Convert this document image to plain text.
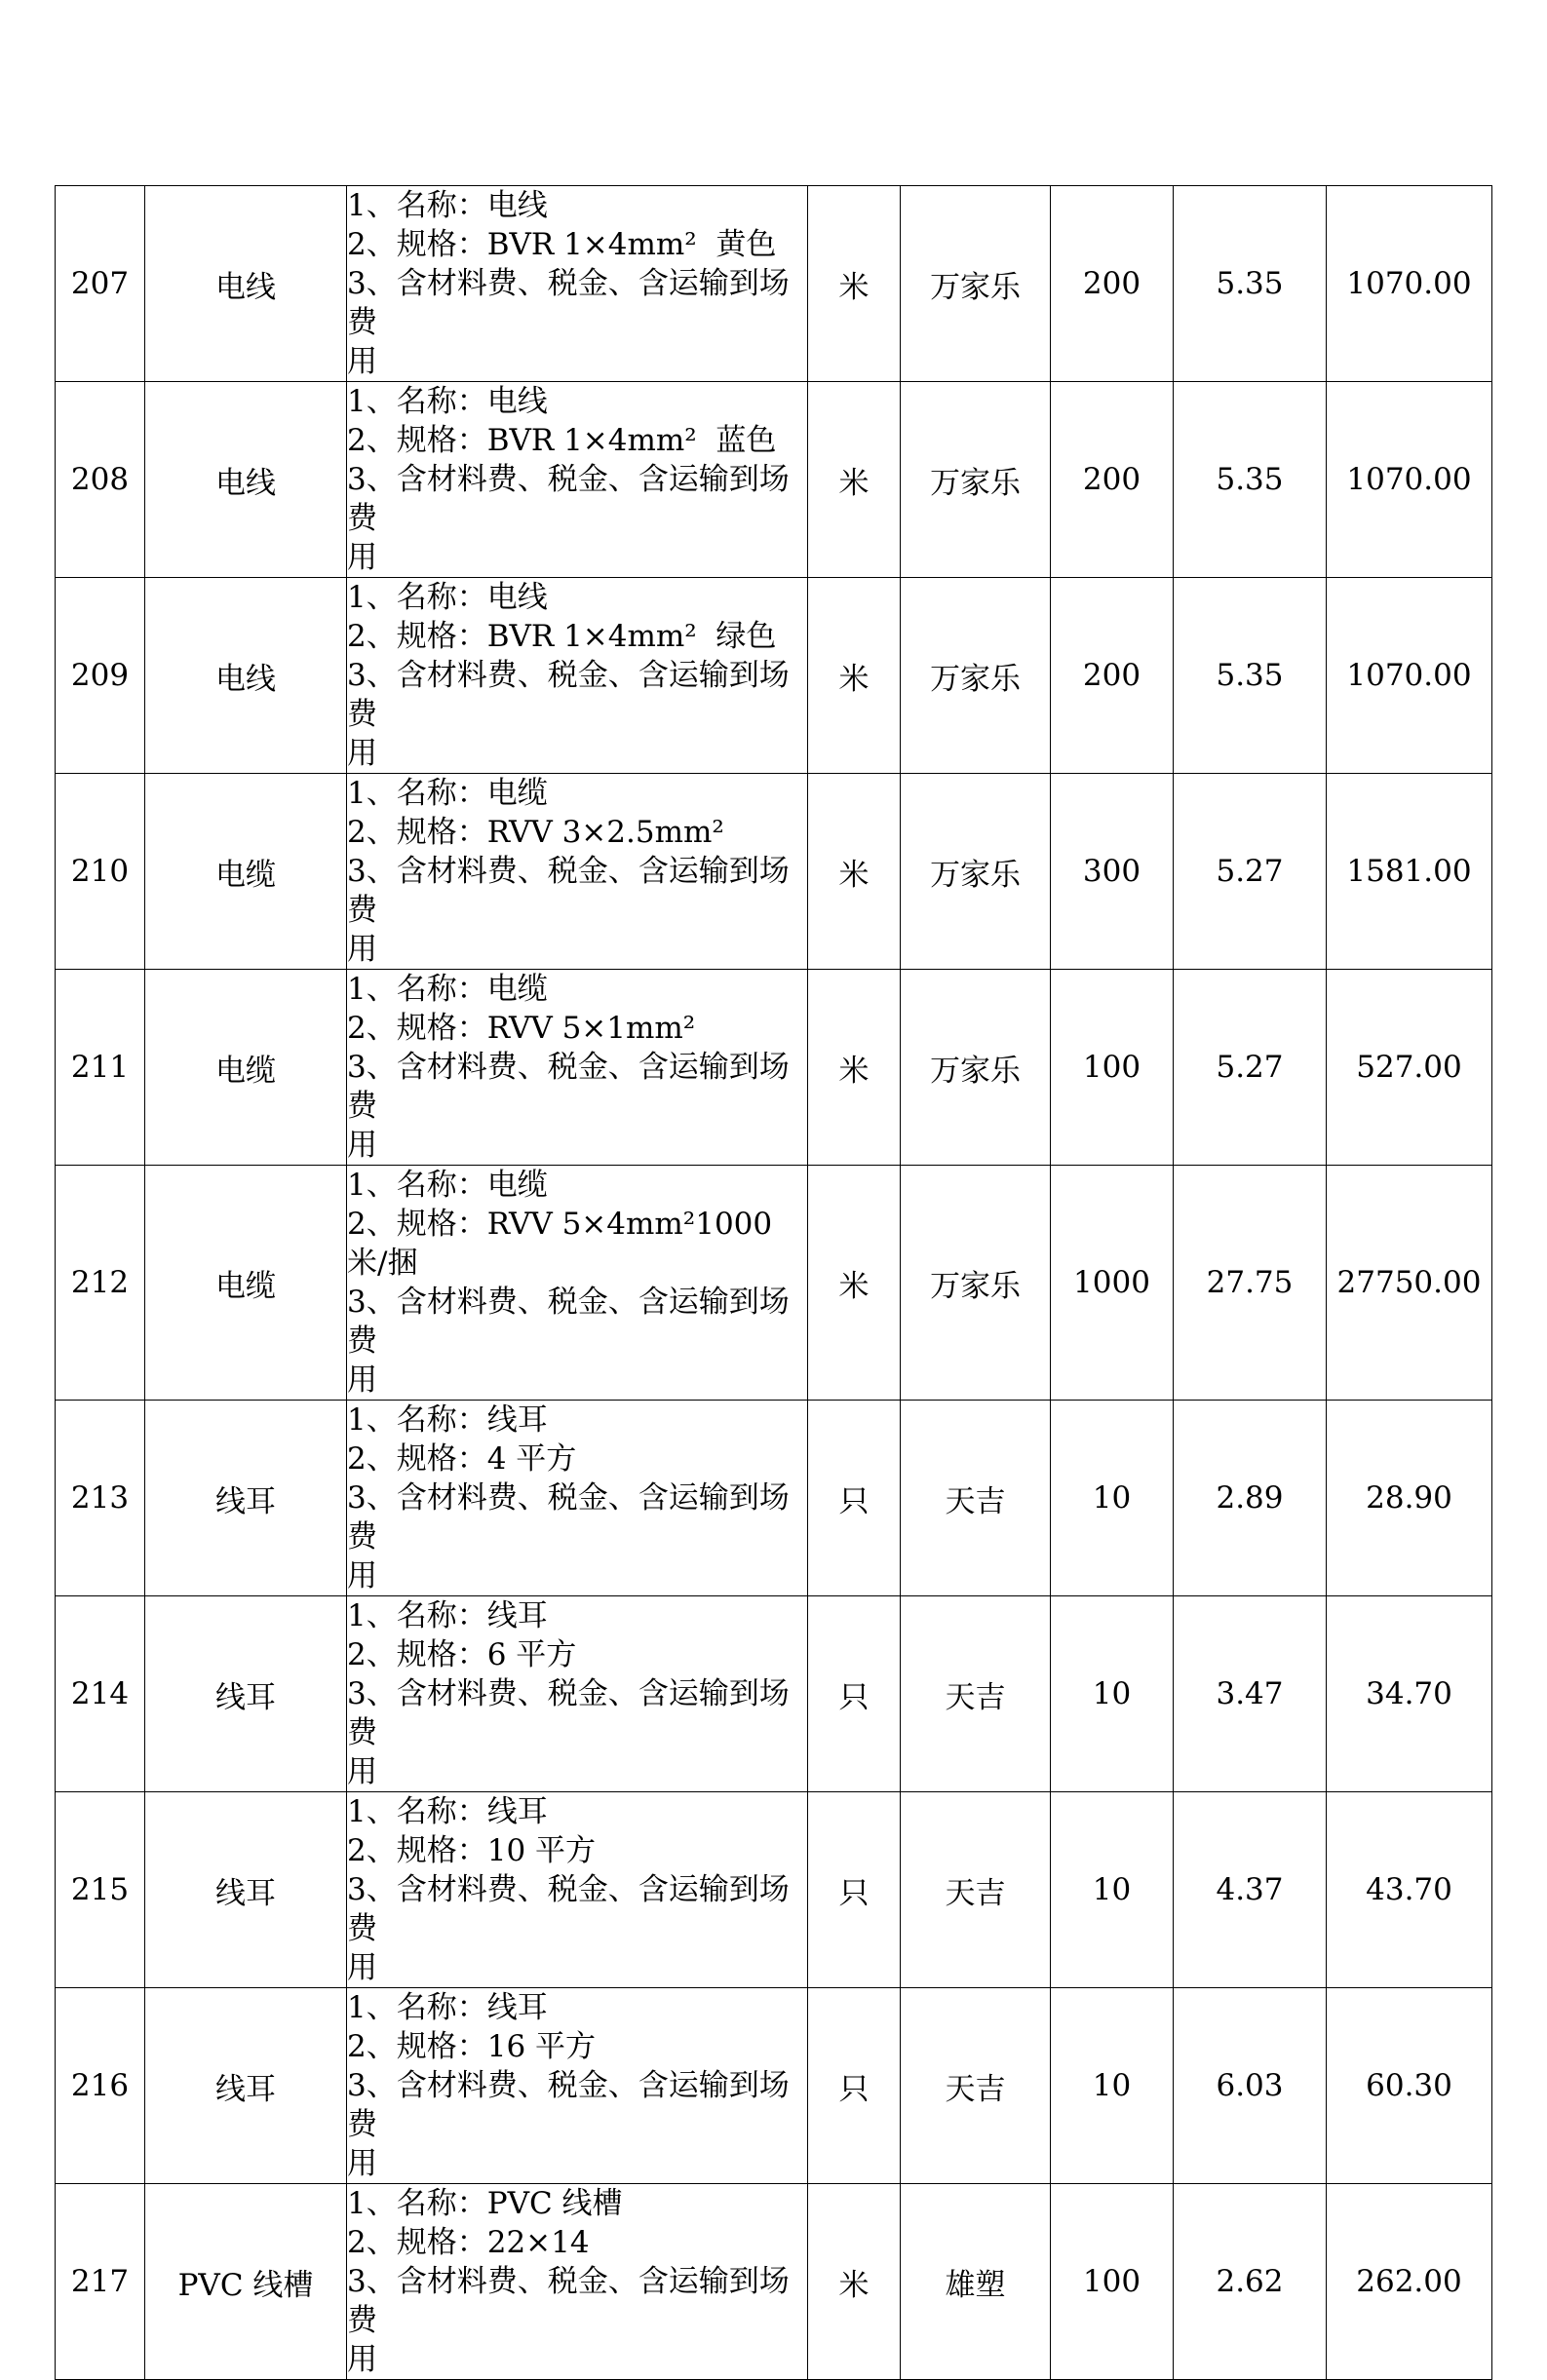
207	电线	1、名称：电线
2、规格：BVR 1×4mm²  黄色
3、含材料费、税金、含运输到场费
用	米	万家乐	200	5.35	1070.00
208	电线	1、名称：电线
2、规格：BVR 1×4mm²  蓝色
3、含材料费、税金、含运输到场费
用	米	万家乐	200	5.35	1070.00
209	电线	1、名称：电线
2、规格：BVR 1×4mm²  绿色
3、含材料费、税金、含运输到场费
用	米	万家乐	200	5.35	1070.00
210	电缆	1、名称：电缆
2、规格：RVV 3×2.5mm²
3、含材料费、税金、含运输到场费
用	米	万家乐	300	5.27	1581.00
211	电缆	1、名称：电缆
2、规格：RVV 5×1mm²
3、含材料费、税金、含运输到场费
用	米	万家乐	100	5.27	527.00
212	电缆	1、名称：电缆
2、规格：RVV 5×4mm²1000 米/捆
3、含材料费、税金、含运输到场费
用	米	万家乐	1000	27.75	27750.00
213	线耳	1、名称：线耳
2、规格：4 平方
3、含材料费、税金、含运输到场费
用	只	天吉	10	2.89	28.90
214	线耳	1、名称：线耳
2、规格：6 平方
3、含材料费、税金、含运输到场费
用	只	天吉	10	3.47	34.70
215	线耳	1、名称：线耳
2、规格：10 平方
3、含材料费、税金、含运输到场费
用	只	天吉	10	4.37	43.70
216	线耳	1、名称：线耳
2、规格：16 平方
3、含材料费、税金、含运输到场费
用	只	天吉	10	6.03	60.30
217	PVC 线槽	1、名称：PVC 线槽
2、规格：22×14
3、含材料费、税金、含运输到场费
用	米	雄塑	100	2.62	262.00
